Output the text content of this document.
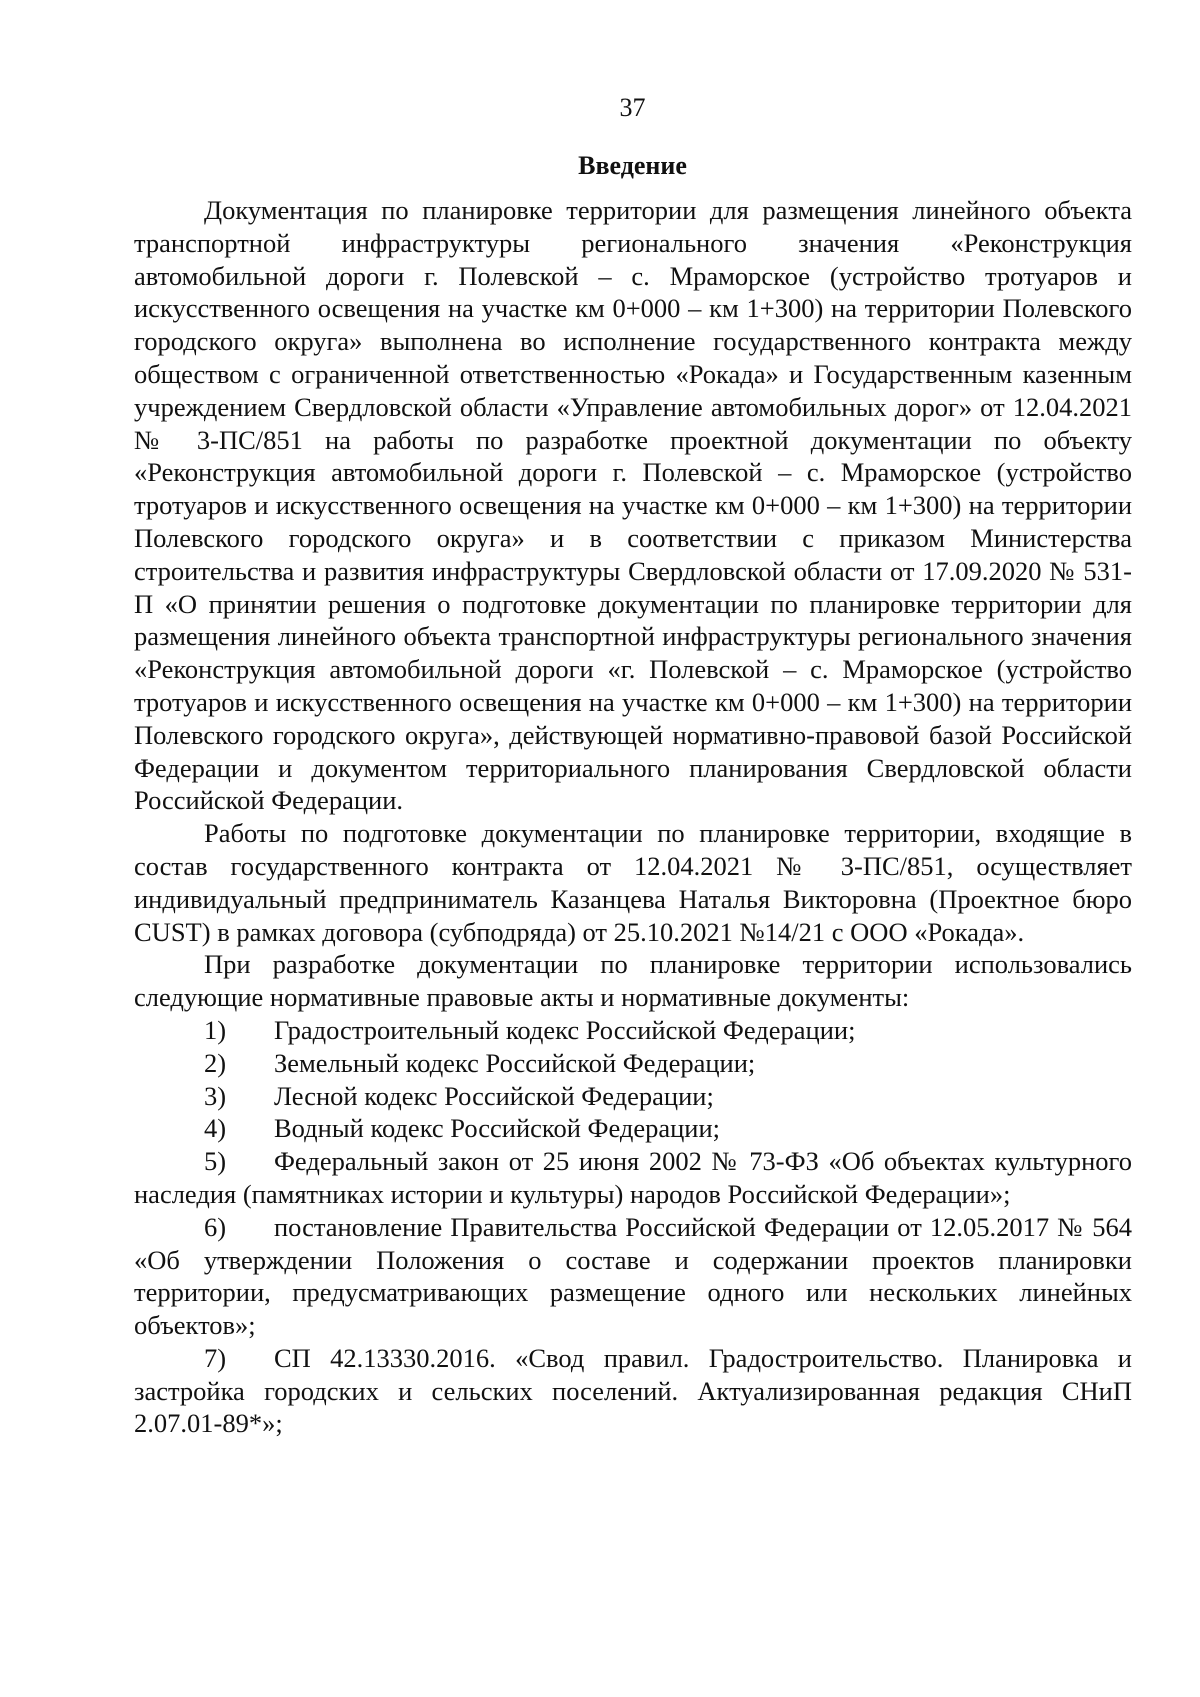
37
Введение

Документация по планировке территории для размещения линейного объекта транспортной инфраструктуры регионального значения «Реконструкция автомобильной дороги г. Полевской – с. Мраморское (устройство тротуаров и искусственного освещения на участке км 0+000 – км 1+300) на территории Полевского городского округа» выполнена во исполнение государственного контракта между обществом с ограниченной ответственностью «Рокада» и Государственным казенным учреждением Свердловской области «Управление автомобильных дорог» от 12.04.2021 № 3-ПС/851 на работы по разработке проектной документации по объекту «Реконструкция автомобильной дороги г. Полевской – с. Мраморское (устройство тротуаров и искусственного освещения на участке км 0+000 – км 1+300) на территории Полевского городского округа» и в соответствии с приказом Министерства строительства и развития инфраструктуры Свердловской области от 17.09.2020 № 531-П «О принятии решения о подготовке документации по планировке территории для размещения линейного объекта транспортной инфраструктуры регионального значения «Реконструкция автомобильной дороги «г. Полевской – с. Мраморское (устройство тротуаров и искусственного освещения на участке км 0+000 – км 1+300) на территории Полевского городского округа», действующей нормативно-правовой базой Российской Федерации и документом территориального планирования Свердловской области Российской Федерации.

Работы по подготовке документации по планировке территории, входящие в состав государственного контракта от 12.04.2021 № 3-ПС/851, осуществляет индивидуальный предприниматель Казанцева Наталья Викторовна (Проектное бюро CUST) в рамках договора (субподряда) от 25.10.2021 №14/21 с ООО «Рокада».

При разработке документации по планировке территории использовались следующие нормативные правовые акты и нормативные документы:

1) Градостроительный кодекс Российской Федерации;
2) Земельный кодекс Российской Федерации;
3) Лесной кодекс Российской Федерации;
4) Водный кодекс Российской Федерации;
5) Федеральный закон от 25 июня 2002 № 73-ФЗ «Об объектах культурного наследия (памятниках истории и культуры) народов Российской Федерации»;
6) постановление Правительства Российской Федерации от 12.05.2017 № 564 «Об утверждении Положения о составе и содержании проектов планировки территории, предусматривающих размещение одного или нескольких линейных объектов»;
7) СП 42.13330.2016. «Свод правил. Градостроительство. Планировка и застройка городских и сельских поселений. Актуализированная редакция СНиП 2.07.01-89*»;
